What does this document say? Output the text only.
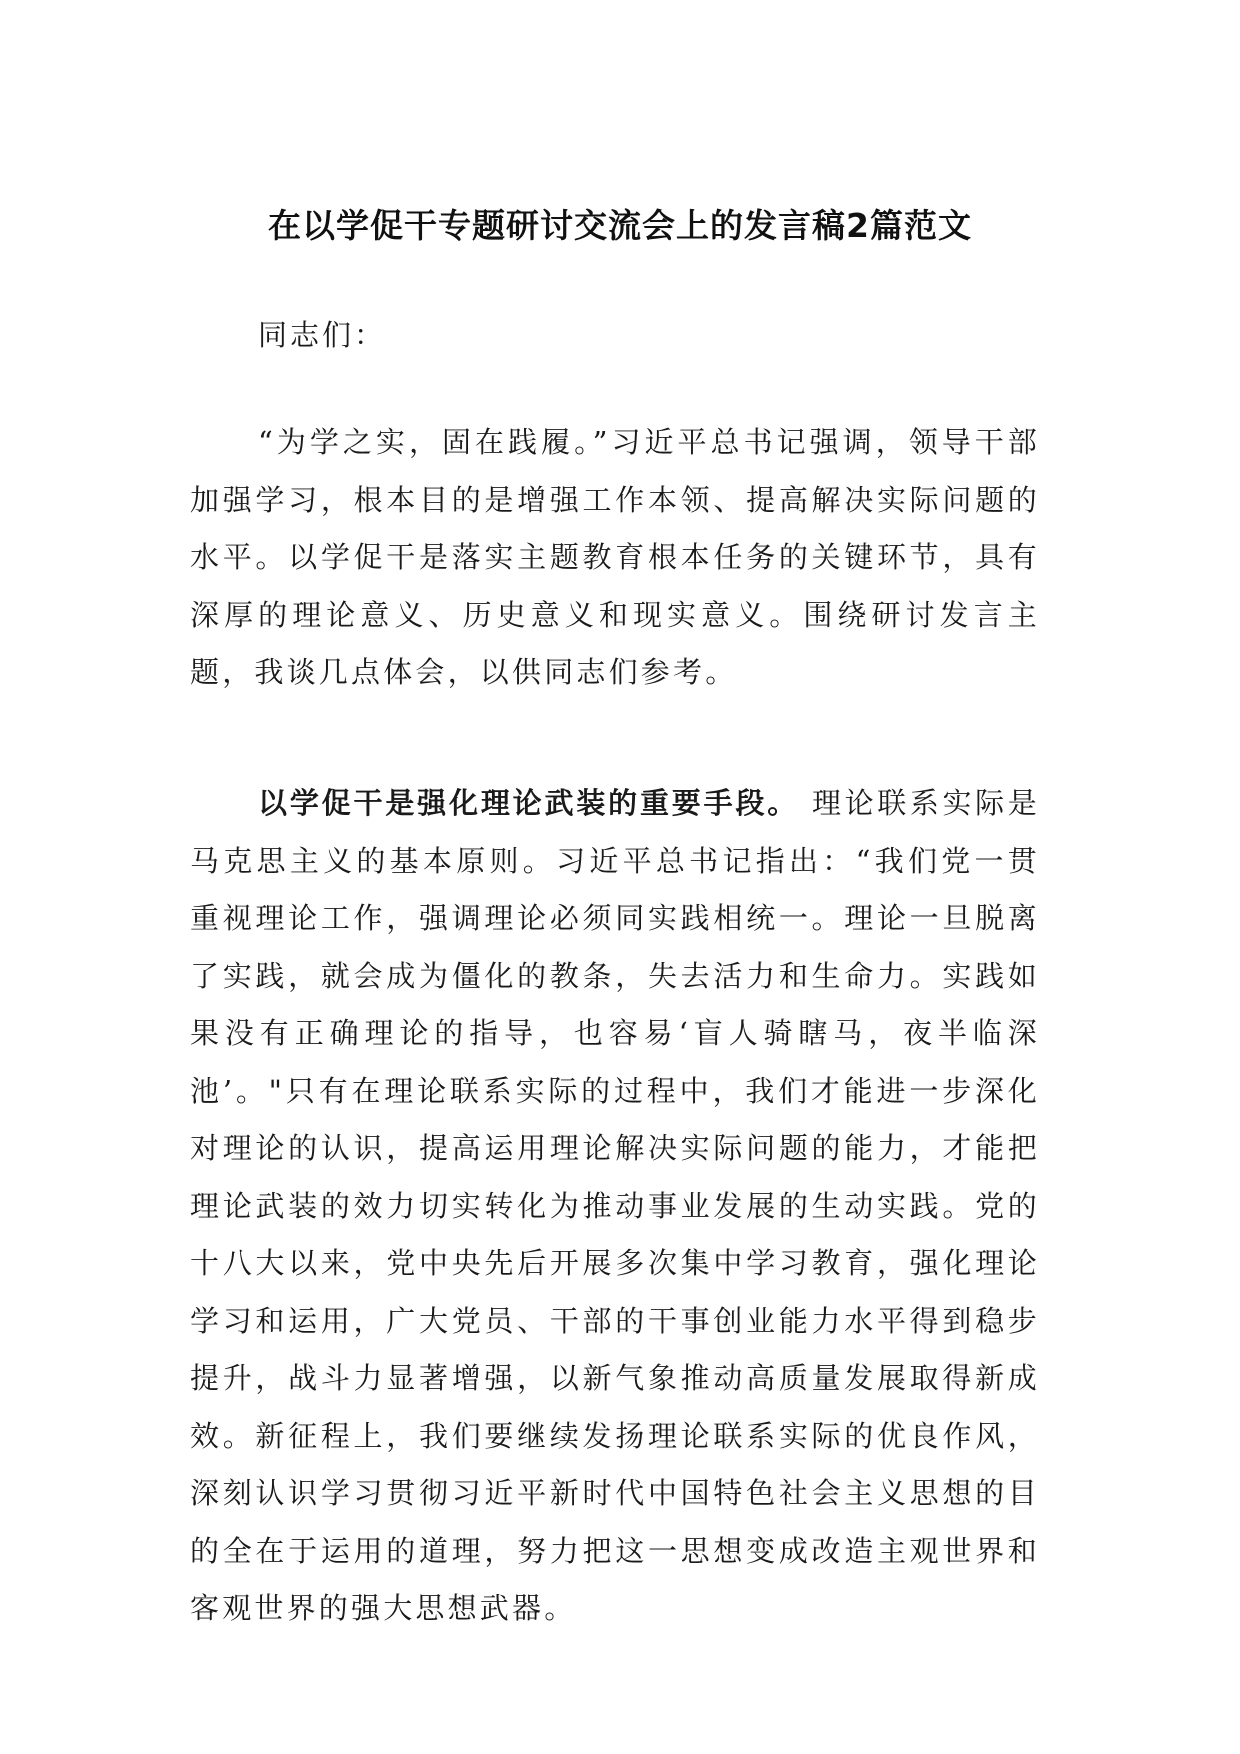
在以学促干专题研讨交流会上的发言稿2篇范文
同志们：

“为学之实，固在践履。”习近平总书记强调，领导干部加强学习，根本目的是增强工作本领、提高解决实际问题的水平。以学促干是落实主题教育根本任务的关键环节，具有深厚的理论意义、历史意义和现实意义。围绕研讨发言主题，我谈几点体会，以供同志们参考。

以学促干是强化理论武装的重要手段。 理论联系实际是马克思主义的基本原则。习近平总书记指出：“我们党一贯重视理论工作，强调理论必须同实践相统一。理论一旦脱离了实践，就会成为僵化的教条，失去活力和生命力。实践如果没有正确理论的指导，也容易‘盲人骑瞎马，夜半临深池’。"只有在理论联系实际的过程中，我们才能进一步深化对理论的认识，提高运用理论解决实际问题的能力，才能把理论武装的效力切实转化为推动事业发展的生动实践。党的十八大以来，党中央先后开展多次集中学习教育，强化理论学习和运用，广大党员、干部的干事创业能力水平得到稳步提升，战斗力显著增强，以新气象推动高质量发展取得新成效。新征程上，我们要继续发扬理论联系实际的优良作风，深刻认识学习贯彻习近平新时代中国特色社会主义思想的目的全在于运用的道理，努力把这一思想变成改造主观世界和客观世界的强大思想武器。
